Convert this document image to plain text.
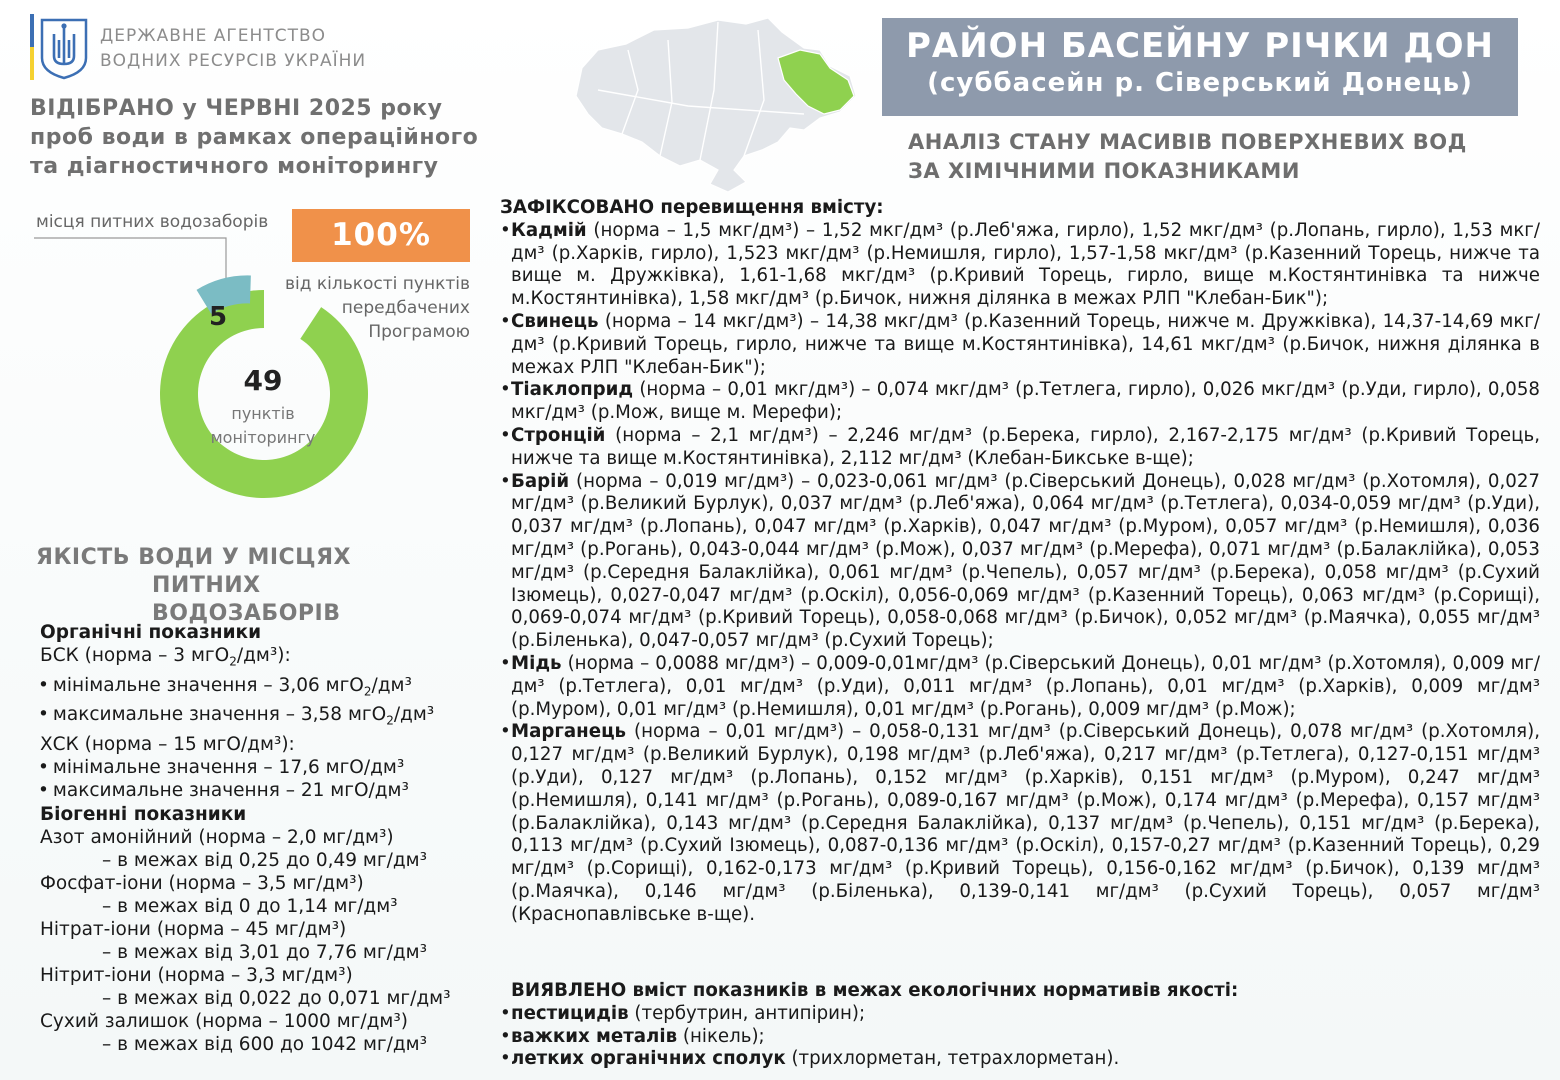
ДЕРЖАВНЕ АГЕНТСТВО
ВОДНИХ РЕСУРСІВ УКРАЇНИ
ВІДІБРАНО у ЧЕРВНІ 2025 року
проб води в рамках операційного
та діагностичного моніторингу
РАЙОН БАСЕЙНУ РІЧКИ ДОН
(суббасейн р. Сіверський Донець)
АНАЛІЗ СТАНУ МАСИВІВ ПОВЕРХНЕВИХ ВОД
ЗА ХІМІЧНИМИ ПОКАЗНИКАМИ
місця питних водозаборів	100%
від кількості пунктів
передбачених
Програмою
5
49
пунктів
моніторингу
ЯКІСТЬ ВОДИ У МІСЦЯХ
ПИТНИХ ВОДОЗАБОРІВ
Органічні показники
БСК (норма – 3 мгО$_2$/дм³):
• мінімальне значення – 3,06 мгО$_2$/дм³
• максимальне значення – 3,58 мгО$_2$/дм³
ХСК (норма – 15 мгО/дм³):
• мінімальне значення – 17,6 мгО/дм³
• максимальне значення – 21 мгО/дм³
Біогенні показники
Азот амонійний (норма – 2,0 мг/дм³)
– в межах від 0,25 до 0,49 мг/дм³
Фосфат-іони (норма – 3,5 мг/дм³)
– в межах від 0 до 1,14 мг/дм³
Нітрат-іони (норма – 45 мг/дм³)
– в межах від 3,01 до 7,76 мг/дм³
Нітрит-іони (норма – 3,3 мг/дм³)
– в межах від 0,022 до 0,071 мг/дм³
Сухий залишок (норма – 1000 мг/дм³)
– в межах від 600 до 1042 мг/дм³
ЗАФІКСОВАНО перевищення вмісту:
• Кадмій (норма – 1,5 мкг/дм³) – 1,52 мкг/дм³ (р.Леб'яжа, гирло), 1,52 мкг/дм³ (р.Лопань, гирло), 1,53 мкг/дм³ (р.Харків, гирло), 1,523 мкг/дм³ (р.Немишля, гирло), 1,57-1,58 мкг/дм³ (р.Казенний Торець, нижче та вище м. Дружківка), 1,61-1,68 мкг/дм³ (р.Кривий Торець, гирло, вище м.Костянтинівка та нижче м.Костянтинівка), 1,58 мкг/дм³ (р.Бичок, нижня ділянка в межах РЛП "Клебан-Бик");
• Свинець (норма – 14 мкг/дм³) – 14,38 мкг/дм³ (р.Казенний Торець, нижче м. Дружківка), 14,37-14,69 мкг/дм³ (р.Кривий Торець, гирло, нижче та вище м.Костянтинівка), 14,61 мкг/дм³ (р.Бичок, нижня ділянка в межах РЛП "Клебан-Бик");
• Тіаклоприд (норма – 0,01 мкг/дм³) – 0,074 мкг/дм³ (р.Тетлега, гирло), 0,026 мкг/дм³ (р.Уди, гирло), 0,058 мкг/дм³ (р.Мож, вище м. Мерефи);
• Стронцій (норма – 2,1 мг/дм³) – 2,246 мг/дм³ (р.Берека, гирло), 2,167-2,175 мг/дм³ (р.Кривий Торець, нижче та вище м.Костянтинівка), 2,112 мг/дм³ (Клебан-Бикське в-ще);
• Барій (норма – 0,019 мг/дм³) – 0,023-0,061 мг/дм³ (р.Сіверський Донець), 0,028 мг/дм³ (р.Хотомля), 0,027 мг/дм³ (р.Великий Бурлук), 0,037 мг/дм³ (р.Леб'яжа), 0,064 мг/дм³ (р.Тетлега), 0,034-0,059 мг/дм³ (р.Уди), 0,037 мг/дм³ (р.Лопань), 0,047 мг/дм³ (р.Харків), 0,047 мг/дм³ (р.Муром), 0,057 мг/дм³ (р.Немишля), 0,036 мг/дм³ (р.Рогань), 0,043-0,044 мг/дм³ (р.Мож), 0,037 мг/дм³ (р.Мерефа), 0,071 мг/дм³ (р.Балаклійка), 0,053 мг/дм³ (р.Середня Балаклійка), 0,061 мг/дм³ (р.Чепель), 0,057 мг/дм³ (р.Берека), 0,058 мг/дм³ (р.Сухий Ізюмець), 0,027-0,047 мг/дм³ (р.Оскіл), 0,056-0,069 мг/дм³ (р.Казенний Торець), 0,063 мг/дм³ (р.Сорищі), 0,069-0,074 мг/дм³ (р.Кривий Торець), 0,058-0,068 мг/дм³ (р.Бичок), 0,052 мг/дм³ (р.Маячка), 0,055 мг/дм³ (р.Біленька), 0,047-0,057 мг/дм³ (р.Сухий Торець);
• Мідь (норма – 0,0088 мг/дм³) – 0,009-0,01мг/дм³ (р.Сіверський Донець), 0,01 мг/дм³ (р.Хотомля), 0,009 мг/дм³ (р.Тетлега), 0,01 мг/дм³ (р.Уди), 0,011 мг/дм³ (р.Лопань), 0,01 мг/дм³ (р.Харків), 0,009 мг/дм³ (р.Муром), 0,01 мг/дм³ (р.Немишля), 0,01 мг/дм³ (р.Рогань), 0,009 мг/дм³ (р.Мож);
• Марганець (норма – 0,01 мг/дм³) – 0,058-0,131 мг/дм³ (р.Сіверський Донець), 0,078 мг/дм³ (р.Хотомля), 0,127 мг/дм³ (р.Великий Бурлук), 0,198 мг/дм³ (р.Леб'яжа), 0,217 мг/дм³ (р.Тетлега), 0,127-0,151 мг/дм³ (р.Уди), 0,127 мг/дм³ (р.Лопань), 0,152 мг/дм³ (р.Харків), 0,151 мг/дм³ (р.Муром), 0,247 мг/дм³ (р.Немишля), 0,141 мг/дм³ (р.Рогань), 0,089-0,167 мг/дм³ (р.Мож), 0,174 мг/дм³ (р.Мерефа), 0,157 мг/дм³ (р.Балаклійка), 0,143 мг/дм³ (р.Середня Балаклійка), 0,137 мг/дм³ (р.Чепель), 0,151 мг/дм³ (р.Берека), 0,113 мг/дм³ (р.Сухий Ізюмець), 0,087-0,136 мг/дм³ (р.Оскіл), 0,157-0,27 мг/дм³ (р.Казенний Торець), 0,29 мг/дм³ (р.Сорищі), 0,162-0,173 мг/дм³ (р.Кривий Торець), 0,156-0,162 мг/дм³ (р.Бичок), 0,139 мг/дм³ (р.Маячка), 0,146 мг/дм³ (р.Біленька), 0,139-0,141 мг/дм³ (р.Сухий Торець), 0,057 мг/дм³ (Краснопавлівське в-ще).
ВИЯВЛЕНО вміст показників в межах екологічних нормативів якості:
• пестицидів (тербутрин, антипірин);
• важких металів (нікель);
• летких органічних сполук (трихлорметан, тетрахлорметан).
